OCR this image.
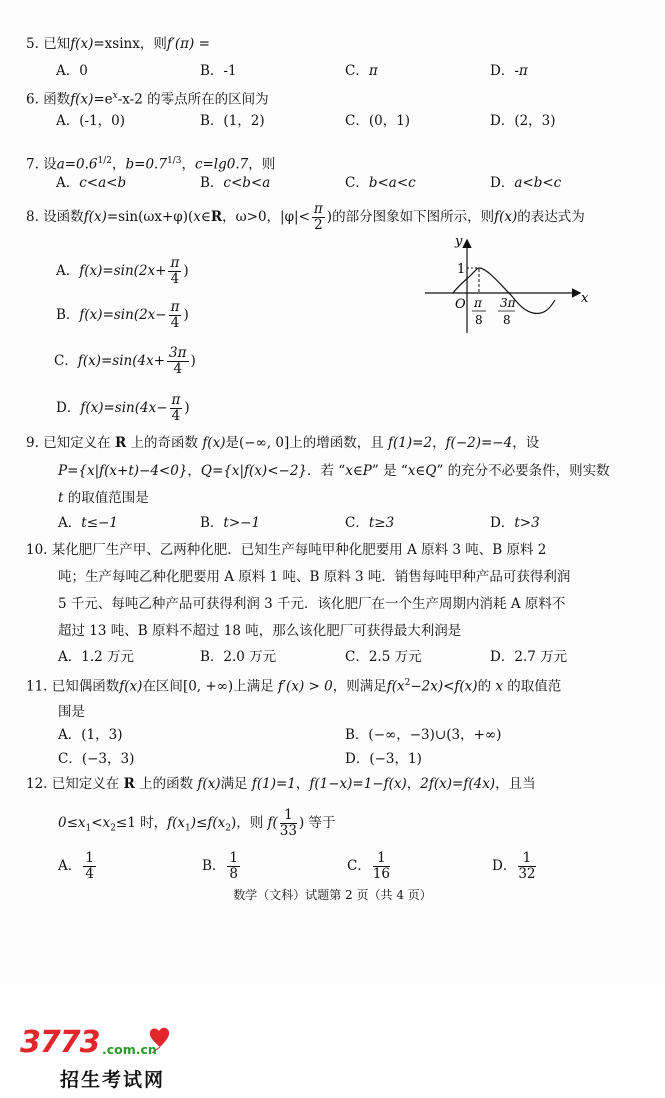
5. 已知f(x)=xsinx，则f′(π) =
A．0	B．-1	C．π	D．-π
6. 函数$f(x)=e^x-x-2$ 的零点所在的区间为
A．(-1，0)	B．(1，2)	C．(0，1)	D．(2，3)
7. 设$a=0.6^{1/2}$，$b=0.7^{1/3}$，c=lg0.7，则
A．c<a<b	B．c<b<a	C．b<a<c	D．a<b<c
8. 设函数f(x)=sin(ωx+φ)(x∈R，ω>0，$|\varphi|< \frac{\pi}{2}$ )的部分图象如下图所示，则f(x)的表达式为
A．$f(x)=\sin(2x+ \frac{\pi}{4}$ )
B．$f(x)=\sin(2x- \frac{\pi}{4}$ )
C．$f(x)=\sin(4x+ \frac{3\pi}{4}$ )
D．$f(x)=\sin(4x- \frac{\pi}{4}$ )
y
x
O
1
π
8
3π
8
9. 已知定义在 R 上的奇函数 f(x)是(−∞, 0]上的增函数，且 f(1)=2，f(−2)=−4，设
P={x|f(x+t)−4<0}，Q={x|f(x)<−2}．若 “x∈P” 是 “x∈Q” 的充分不必要条件，则实数
t 的取值范围是
A．t≤−1	B．t>−1	C．t≥3	D．t>3
10. 某化肥厂生产甲、乙两种化肥．已知生产每吨甲种化肥要用 A 原料 3 吨、B 原料 2
吨；生产每吨乙种化肥要用 A 原料 1 吨、B 原料 3 吨．销售每吨甲种产品可获得利润
5 千元、每吨乙种产品可获得利润 3 千元．该化肥厂在一个生产周期内消耗 A 原料不
超过 13 吨、B 原料不超过 18 吨，那么该化肥厂可获得最大利润是
A．1.2 万元	B．2.0 万元	C．2.5 万元	D．2.7 万元
11. 已知偶函数f(x)在区间[0, +∞)上满足 f′(x) > 0，则满足$f(x^2-2x)<f(x)$的 x 的取值范
围是
A．(1，3)	B．(−∞，−3)∪(3，+∞)
C．(−3，3)	D．(−3，1)
12. 已知定义在 R 上的函数 f(x)满足 f(1)=1，f(1−x)=1−f(x)，2f(x)=f(4x)，且当
$0\le x_1<x_2\le 1$ 时，$f(x_1)\le f(x_2)$，则 $f( \frac{1}{33}$ ) 等于
A． $\frac{1}{4}$	B． $\frac{1}{8}$	C． $\frac{1}{16}$	D． $\frac{1}{32}$
数学（文科）试题第 2 页（共 4 页）
3773 .com.cn
招生考试网
